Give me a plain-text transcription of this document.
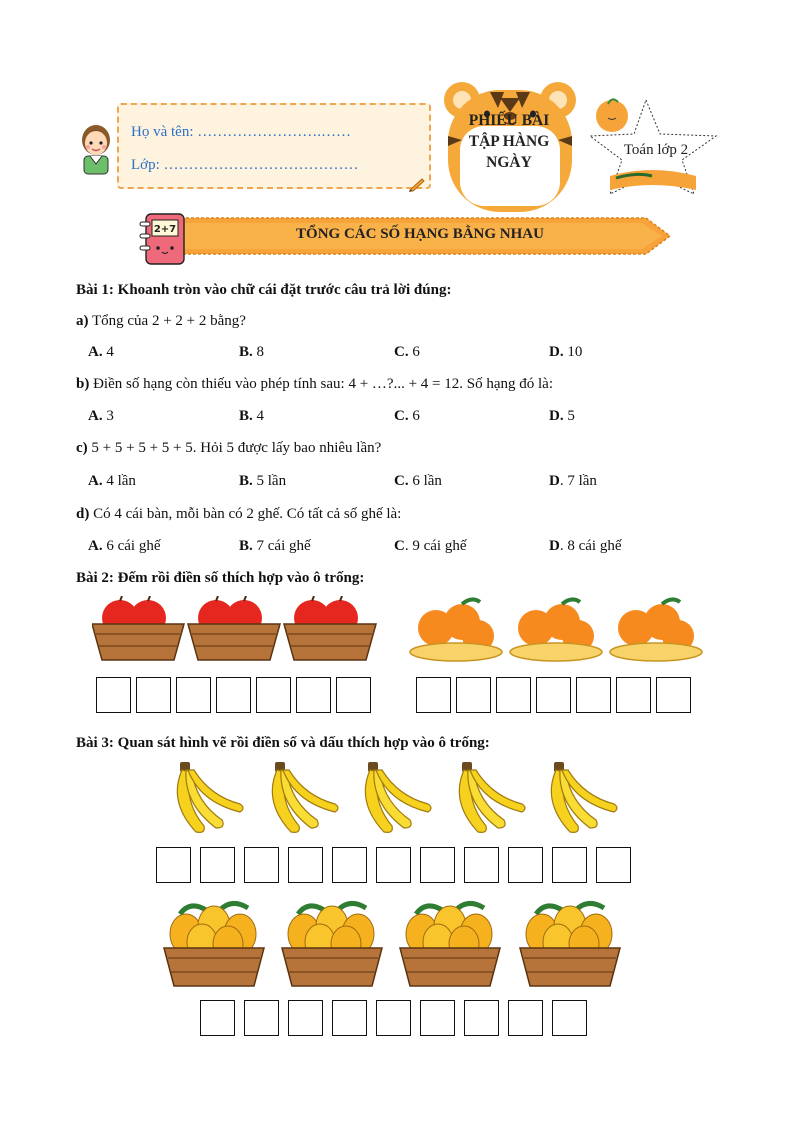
Họ và tên: …………………….……
Lớp: …………………………………
PHIẾU BÀI
TẬP HÀNG
NGÀY
Toán lớp 2
2+7	TỔNG CÁC SỐ HẠNG BẰNG NHAU
Bài 1: Khoanh tròn vào chữ cái đặt trước câu trả lời đúng:
a) Tổng của 2 + 2 + 2 bằng?
A. 4	B. 8	C. 6	D. 10
b) Điền số hạng còn thiếu vào phép tính sau: 4 + …?... + 4 = 12. Số hạng đó là:
A. 3	B. 4	C. 6	D. 5
c) 5 + 5 + 5 + 5 + 5. Hỏi 5 được lấy bao nhiêu lần?
A. 4 lần	B. 5 lần	C. 6 lần	D. 7 lần
d) Có 4 cái bàn, mỗi bàn có 2 ghế. Có tất cả số ghế là:
A. 6 cái ghế	B. 7 cái ghế	C. 9 cái ghế	D. 8 cái ghế
Bài 2: Đếm rồi điền số thích hợp vào ô trống:
Bài 3: Quan sát hình vẽ rồi điền số và dấu thích hợp vào ô trống:
